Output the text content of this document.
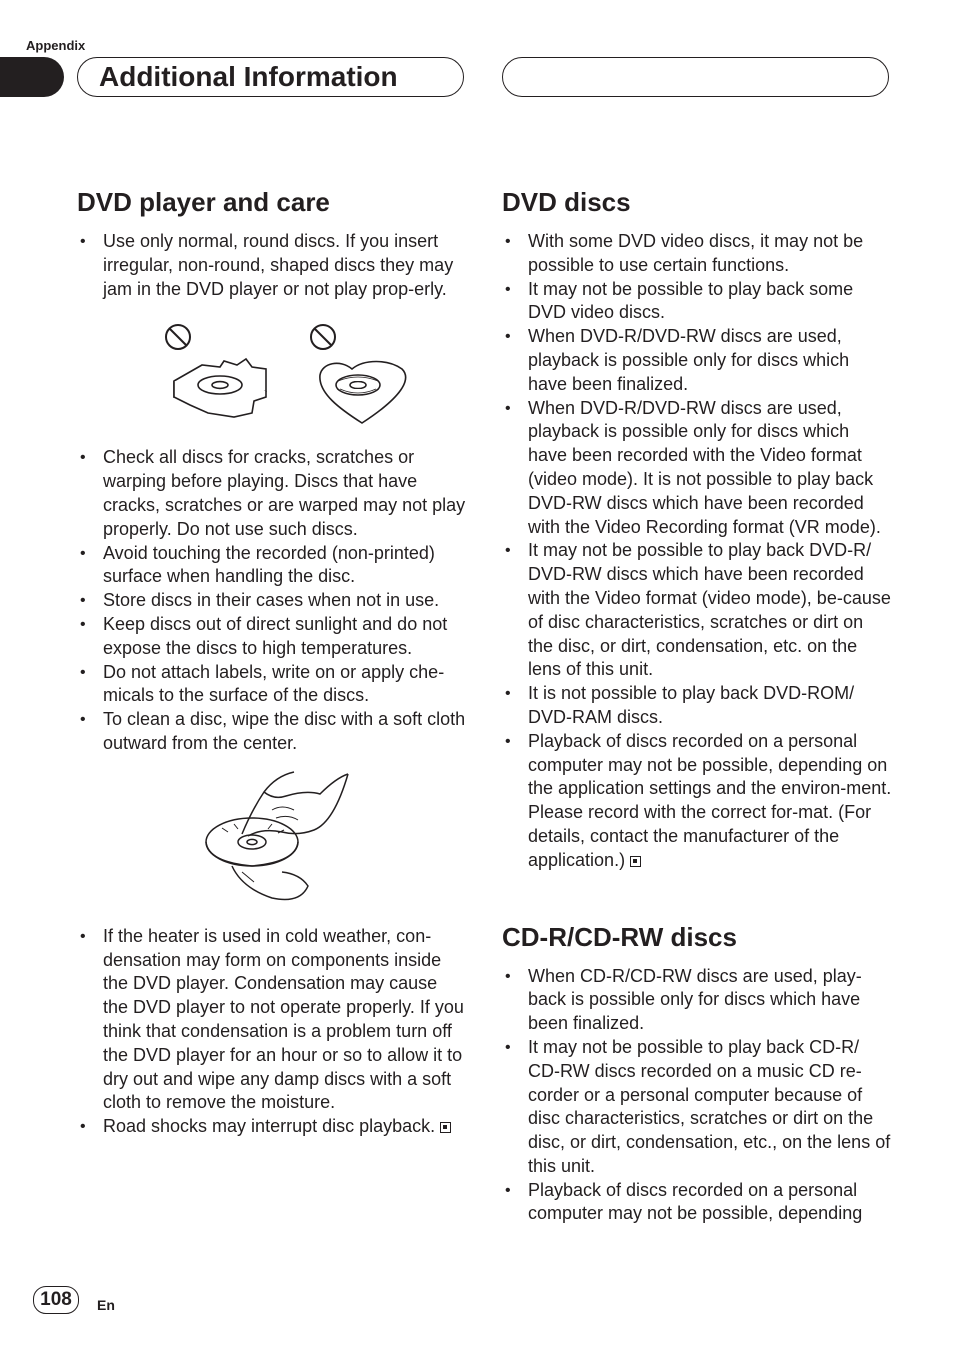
Appendix
Additional Information
DVD player and care
• Use only normal, round discs. If you insert irregular, non-round, shaped discs they may jam in the DVD player or not play prop-erly.
• Check all discs for cracks, scratches or warping before playing. Discs that have cracks, scratches or are warped may not play properly. Do not use such discs.
• Avoid touching the recorded (non-printed) surface when handling the disc.
• Store discs in their cases when not in use.
• Keep discs out of direct sunlight and do not expose the discs to high temperatures.
• Do not attach labels, write on or apply che-micals to the surface of the discs.
• To clean a disc, wipe the disc with a soft cloth outward from the center.
• If the heater is used in cold weather, con-densation may form on components inside the DVD player. Condensation may cause the DVD player to not operate properly. If you think that condensation is a problem turn off the DVD player for an hour or so to allow it to dry out and wipe any damp discs with a soft cloth to remove the moisture.
• Road shocks may interrupt disc playback.
DVD discs
• With some DVD video discs, it may not be possible to use certain functions.
• It may not be possible to play back some DVD video discs.
• When DVD-R/DVD-RW discs are used, playback is possible only for discs which have been finalized.
• When DVD-R/DVD-RW discs are used, playback is possible only for discs which have been recorded with the Video format (video mode). It is not possible to play back DVD-RW discs which have been recorded with the Video Recording format (VR mode).
• It may not be possible to play back DVD-R/ DVD-RW discs which have been recorded with the Video format (video mode), be-cause of disc characteristics, scratches or dirt on the disc, or dirt, condensation, etc. on the lens of this unit.
• It is not possible to play back DVD-ROM/ DVD-RAM discs.
• Playback of discs recorded on a personal computer may not be possible, depending on the application settings and the environ-ment. Please record with the correct for-mat. (For details, contact the manufacturer of the application.)
CD-R/CD-RW discs
• When CD-R/CD-RW discs are used, play-back is possible only for discs which have been finalized.
• It may not be possible to play back CD-R/ CD-RW discs recorded on a music CD re-corder or a personal computer because of disc characteristics, scratches or dirt on the disc, or dirt, condensation, etc., on the lens of this unit.
• Playback of discs recorded on a personal computer may not be possible, depending
108	En
